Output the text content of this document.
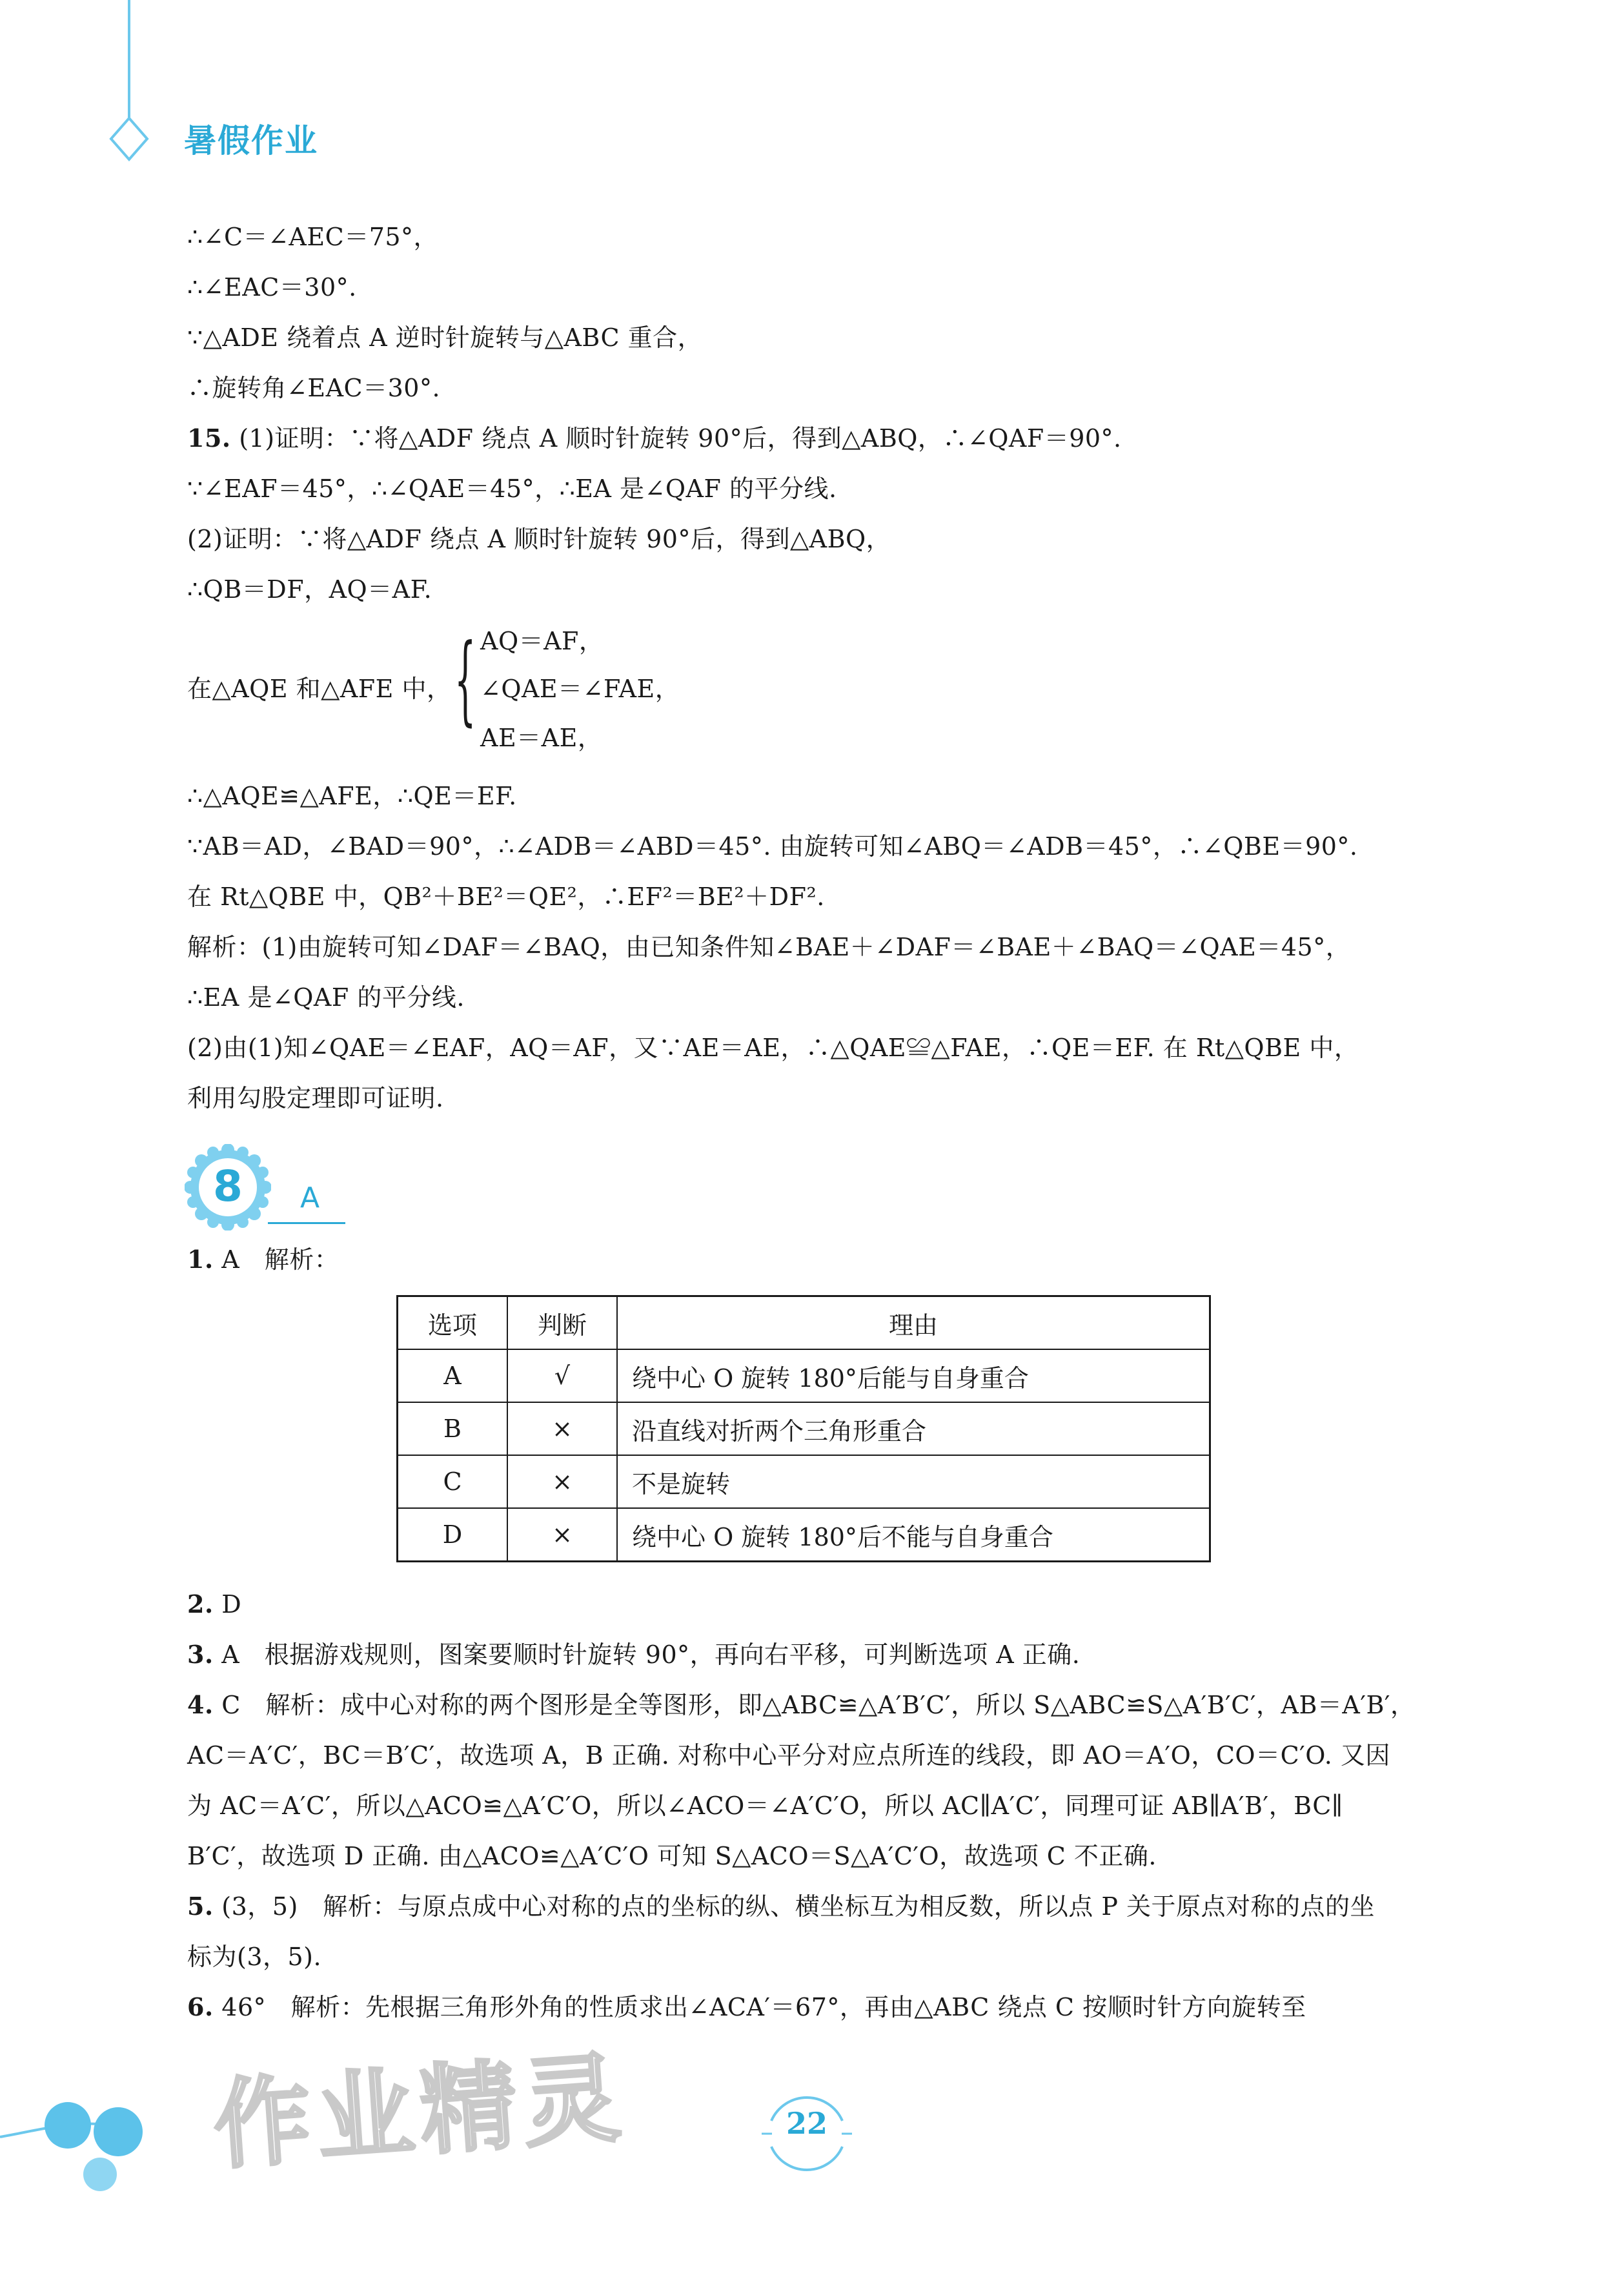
暑假作业
∴∠C＝∠AEC＝75°，
∴∠EAC＝30°.
∵△ADE 绕着点 A 逆时针旋转与△ABC 重合，
∴旋转角∠EAC＝30°.
15. (1)证明：∵将△ADF 绕点 A 顺时针旋转 90°后，得到△ABQ，∴∠QAF＝90°.
∵∠EAF＝45°，∴∠QAE＝45°，∴EA 是∠QAF 的平分线.
(2)证明：∵将△ADF 绕点 A 顺时针旋转 90°后，得到△ABQ，
∴QB＝DF，AQ＝AF.
在△AQE 和△AFE 中， { AQ＝AF，
∠QAE＝∠FAE，
AE＝AE，
∴△AQE≌△AFE，∴QE＝EF.
∵AB＝AD，∠BAD＝90°，∴∠ADB＝∠ABD＝45°. 由旋转可知∠ABQ＝∠ADB＝45°，∴∠QBE＝90°.
在 Rt△QBE 中，QB²＋BE²＝QE²，∴EF²＝BE²＋DF².
解析：(1)由旋转可知∠DAF＝∠BAQ，由已知条件知∠BAE＋∠DAF＝∠BAE＋∠BAQ＝∠QAE＝45°，
∴EA 是∠QAF 的平分线.
(2)由(1)知∠QAE＝∠EAF，AQ＝AF，又∵AE＝AE，∴△QAE≌△FAE，∴QE＝EF. 在 Rt△QBE 中，
利用勾股定理即可证明.
8	A
1. A　解析：
选项	判断	理由
A	√	绕中心 O 旋转 180°后能与自身重合
B	×	沿直线对折两个三角形重合
C	×	不是旋转
D	×	绕中心 O 旋转 180°后不能与自身重合
2. D
3. A　根据游戏规则，图案要顺时针旋转 90°，再向右平移，可判断选项 A 正确.
4. C　解析：成中心对称的两个图形是全等图形，即△ABC≌△A′B′C′，所以 S△ABC≌S△A′B′C′，AB＝A′B′，
AC＝A′C′，BC＝B′C′，故选项 A，B 正确. 对称中心平分对应点所连的线段，即 AO＝A′O，CO＝C′O. 又因
为 AC＝A′C′，所以△ACO≌△A′C′O，所以∠ACO＝∠A′C′O，所以 AC∥A′C′，同理可证 AB∥A′B′，BC∥
B′C′，故选项 D 正确. 由△ACO≌△A′C′O 可知 S△ACO＝S△A′C′O，故选项 C 不正确.
5. (3，5)　解析：与原点成中心对称的点的坐标的纵、横坐标互为相反数，所以点 P 关于原点对称的点的坐
标为(3，5).
6. 46°　解析：先根据三角形外角的性质求出∠ACA′＝67°，再由△ABC 绕点 C 按顺时针方向旋转至
作业精灵	22
